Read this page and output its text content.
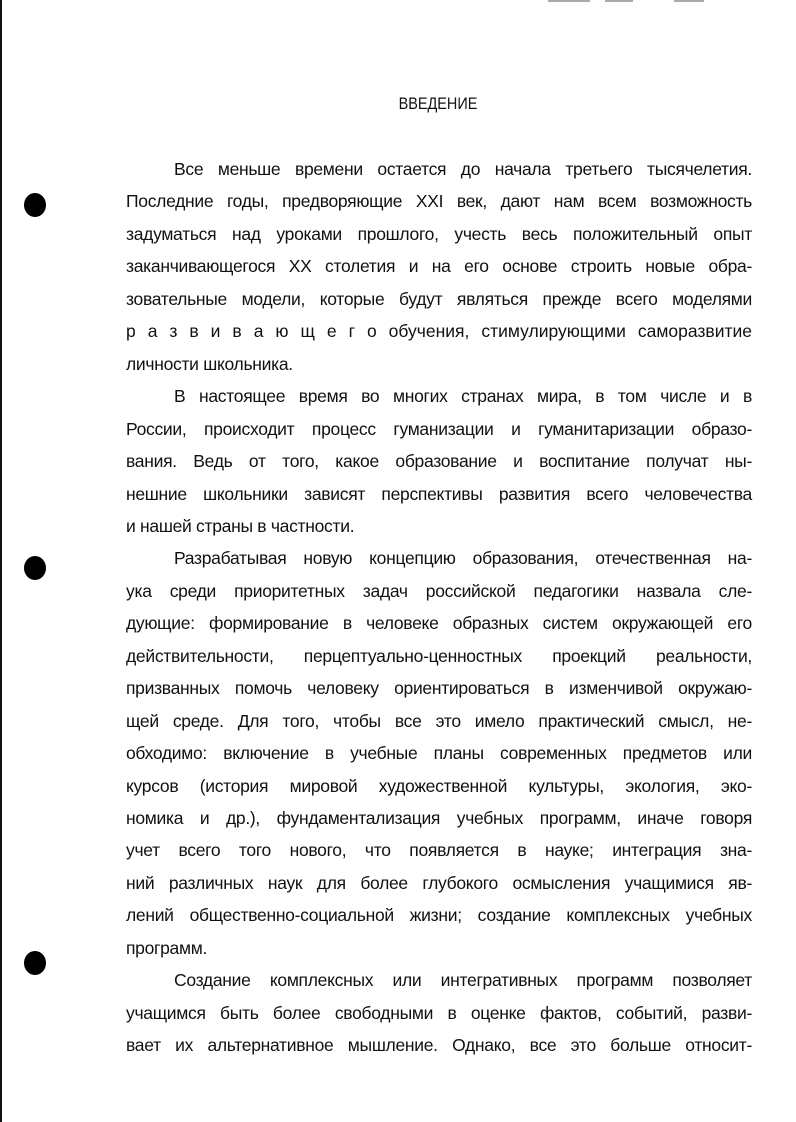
ВВЕДЕНИЕ
Все меньше времени остается до начала третьего тысячелетия.
Последние годы, предворяющие XXI век, дают нам всем возможность
задуматься над уроками прошлого, учесть весь положительный опыт
заканчивающегося XX столетия и на его основе строить новые обра-
зовательные модели, которые будут являться прежде всего моделями
р а з в и в а ю щ е г о обучения, стимулирующими саморазвитие
личности школьника.
В настоящее время во многих странах мира, в том числе и в
России, происходит процесс гуманизации и гуманитаризации образо-
вания. Ведь от того, какое образование и воспитание получат ны-
нешние школьники зависят перспективы развития всего человечества
и нашей страны в частности.
Разрабатывая новую концепцию образования, отечественная на-
ука среди приоритетных задач российской педагогики назвала сле-
дующие: формирование в человеке образных систем окружающей его
действительности, перцептуально-ценностных проекций реальности,
призванных помочь человеку ориентироваться в изменчивой окружаю-
щей среде. Для того, чтобы все это имело практический смысл, не-
обходимо: включение в учебные планы современных предметов или
курсов (история мировой художественной культуры, экология, эко-
номика и др.), фундаментализация учебных программ, иначе говоря
учет всего того нового, что появляется в науке; интеграция зна-
ний различных наук для более глубокого осмысления учащимися яв-
лений общественно-социальной жизни; создание комплексных учебных
программ.
Создание комплексных или интегративных программ позволяет
учащимся быть более свободными в оценке фактов, событий, разви-
вает их альтернативное мышление. Однако, все это больше относит-
